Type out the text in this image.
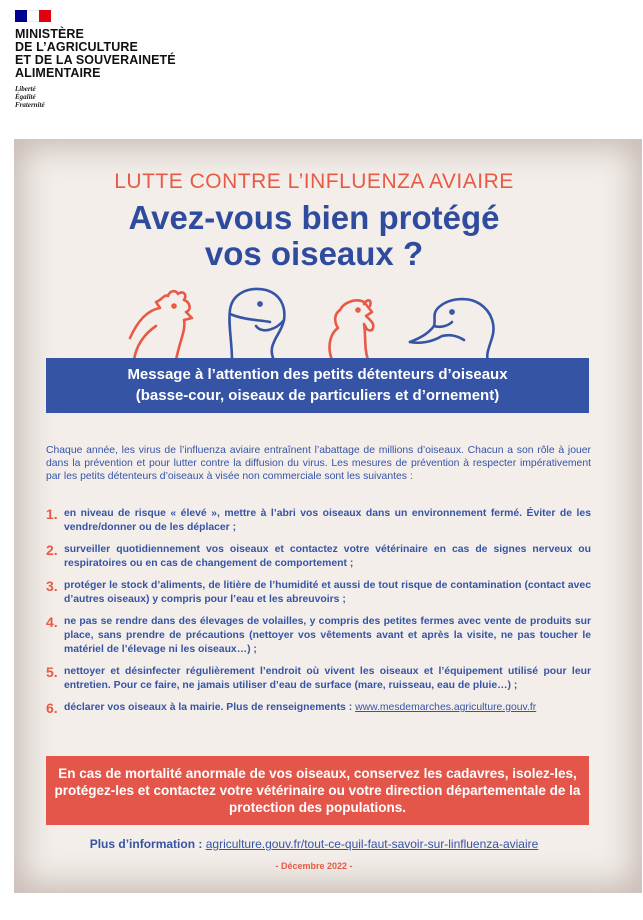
MINISTÈRE
DE L’AGRICULTURE
ET DE LA SOUVERAINETÉ
ALIMENTAIRE
Liberté
Égalité
Fraternité
LUTTE CONTRE L’INFLUENZA AVIAIRE
Avez-vous bien protégé
vos oiseaux ?
Message à l’attention des petits détenteurs d’oiseaux
(basse-cour, oiseaux de particuliers et d’ornement)
Chaque année, les virus de l’influenza aviaire entraînent l’abattage de millions d’oiseaux. Chacun a son rôle à jouer dans la prévention et pour lutter contre la diffusion du virus. Les mesures de prévention à respecter impérativement par les petits détenteurs d’oiseaux à visée non commerciale sont les suivantes :
1. en niveau de risque « élevé », mettre à l’abri vos oiseaux dans un environnement fermé. Éviter de les vendre/donner ou de les déplacer ;
2. surveiller quotidiennement vos oiseaux et contactez votre vétérinaire en cas de signes nerveux ou respiratoires ou en cas de changement de comportement ;
3. protéger le stock d’aliments, de litière de l’humidité et aussi de tout risque de contamination (contact avec d’autres oiseaux) y compris pour l’eau et les abreuvoirs ;
4. ne pas se rendre dans des élevages de volailles, y compris des petites fermes avec vente de produits sur place, sans prendre de précautions (nettoyer vos vêtements avant et après la visite, ne pas toucher le matériel de l’élevage ni les oiseaux…) ;
5. nettoyer et désinfecter régulièrement l’endroit où vivent les oiseaux et l’équipement utilisé pour leur entretien. Pour ce faire, ne jamais utiliser d’eau de surface (mare, ruisseau, eau de pluie…) ;
6. déclarer vos oiseaux à la mairie. Plus de renseignements : www.mesdemarches.agriculture.gouv.fr
En cas de mortalité anormale de vos oiseaux, conservez les cadavres, isolez-les, protégez-les et contactez votre vétérinaire ou votre direction départementale de la protection des populations.
Plus d’information : agriculture.gouv.fr/tout-ce-quil-faut-savoir-sur-linfluenza-aviaire
- Décembre 2022 -
